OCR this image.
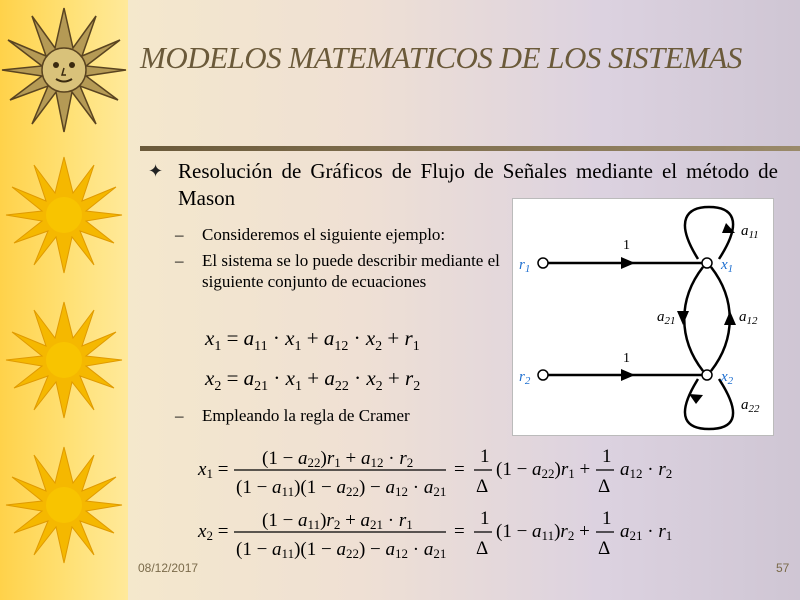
MODELOS MATEMATICOS DE LOS SISTEMAS
✦ Resolución de Gráficos de Flujo de Señales mediante el método de Mason
– Consideremos el siguiente ejemplo:
– El sistema se lo puede describir mediante el siguiente conjunto de ecuaciones
$x_1 = a_{11} \cdot x_1 + a_{12} \cdot x_2 + r_1$
$x_2 = a_{21} \cdot x_1 + a_{22} \cdot x_2 + r_2$
– Empleando la regla de Cramer
$r_1$	$x_1$
$r_2$	$x_2$
$a_{11}$
$a_{21}$	$a_{12}$
$a_{22}$
1
1
x1 =
(1 − a22)r1 + a12 · r2
(1 − a11)(1 − a22) − a12 · a21
=
1
Δ
(1 − a22)r1 +
1
Δ
a12 · r2
x2 =
(1 − a11)r2 + a21 · r1
(1 − a11)(1 − a22) − a12 · a21
=
1
Δ
(1 − a11)r2 +
1
Δ
a21 · r1
08/12/2017	57
